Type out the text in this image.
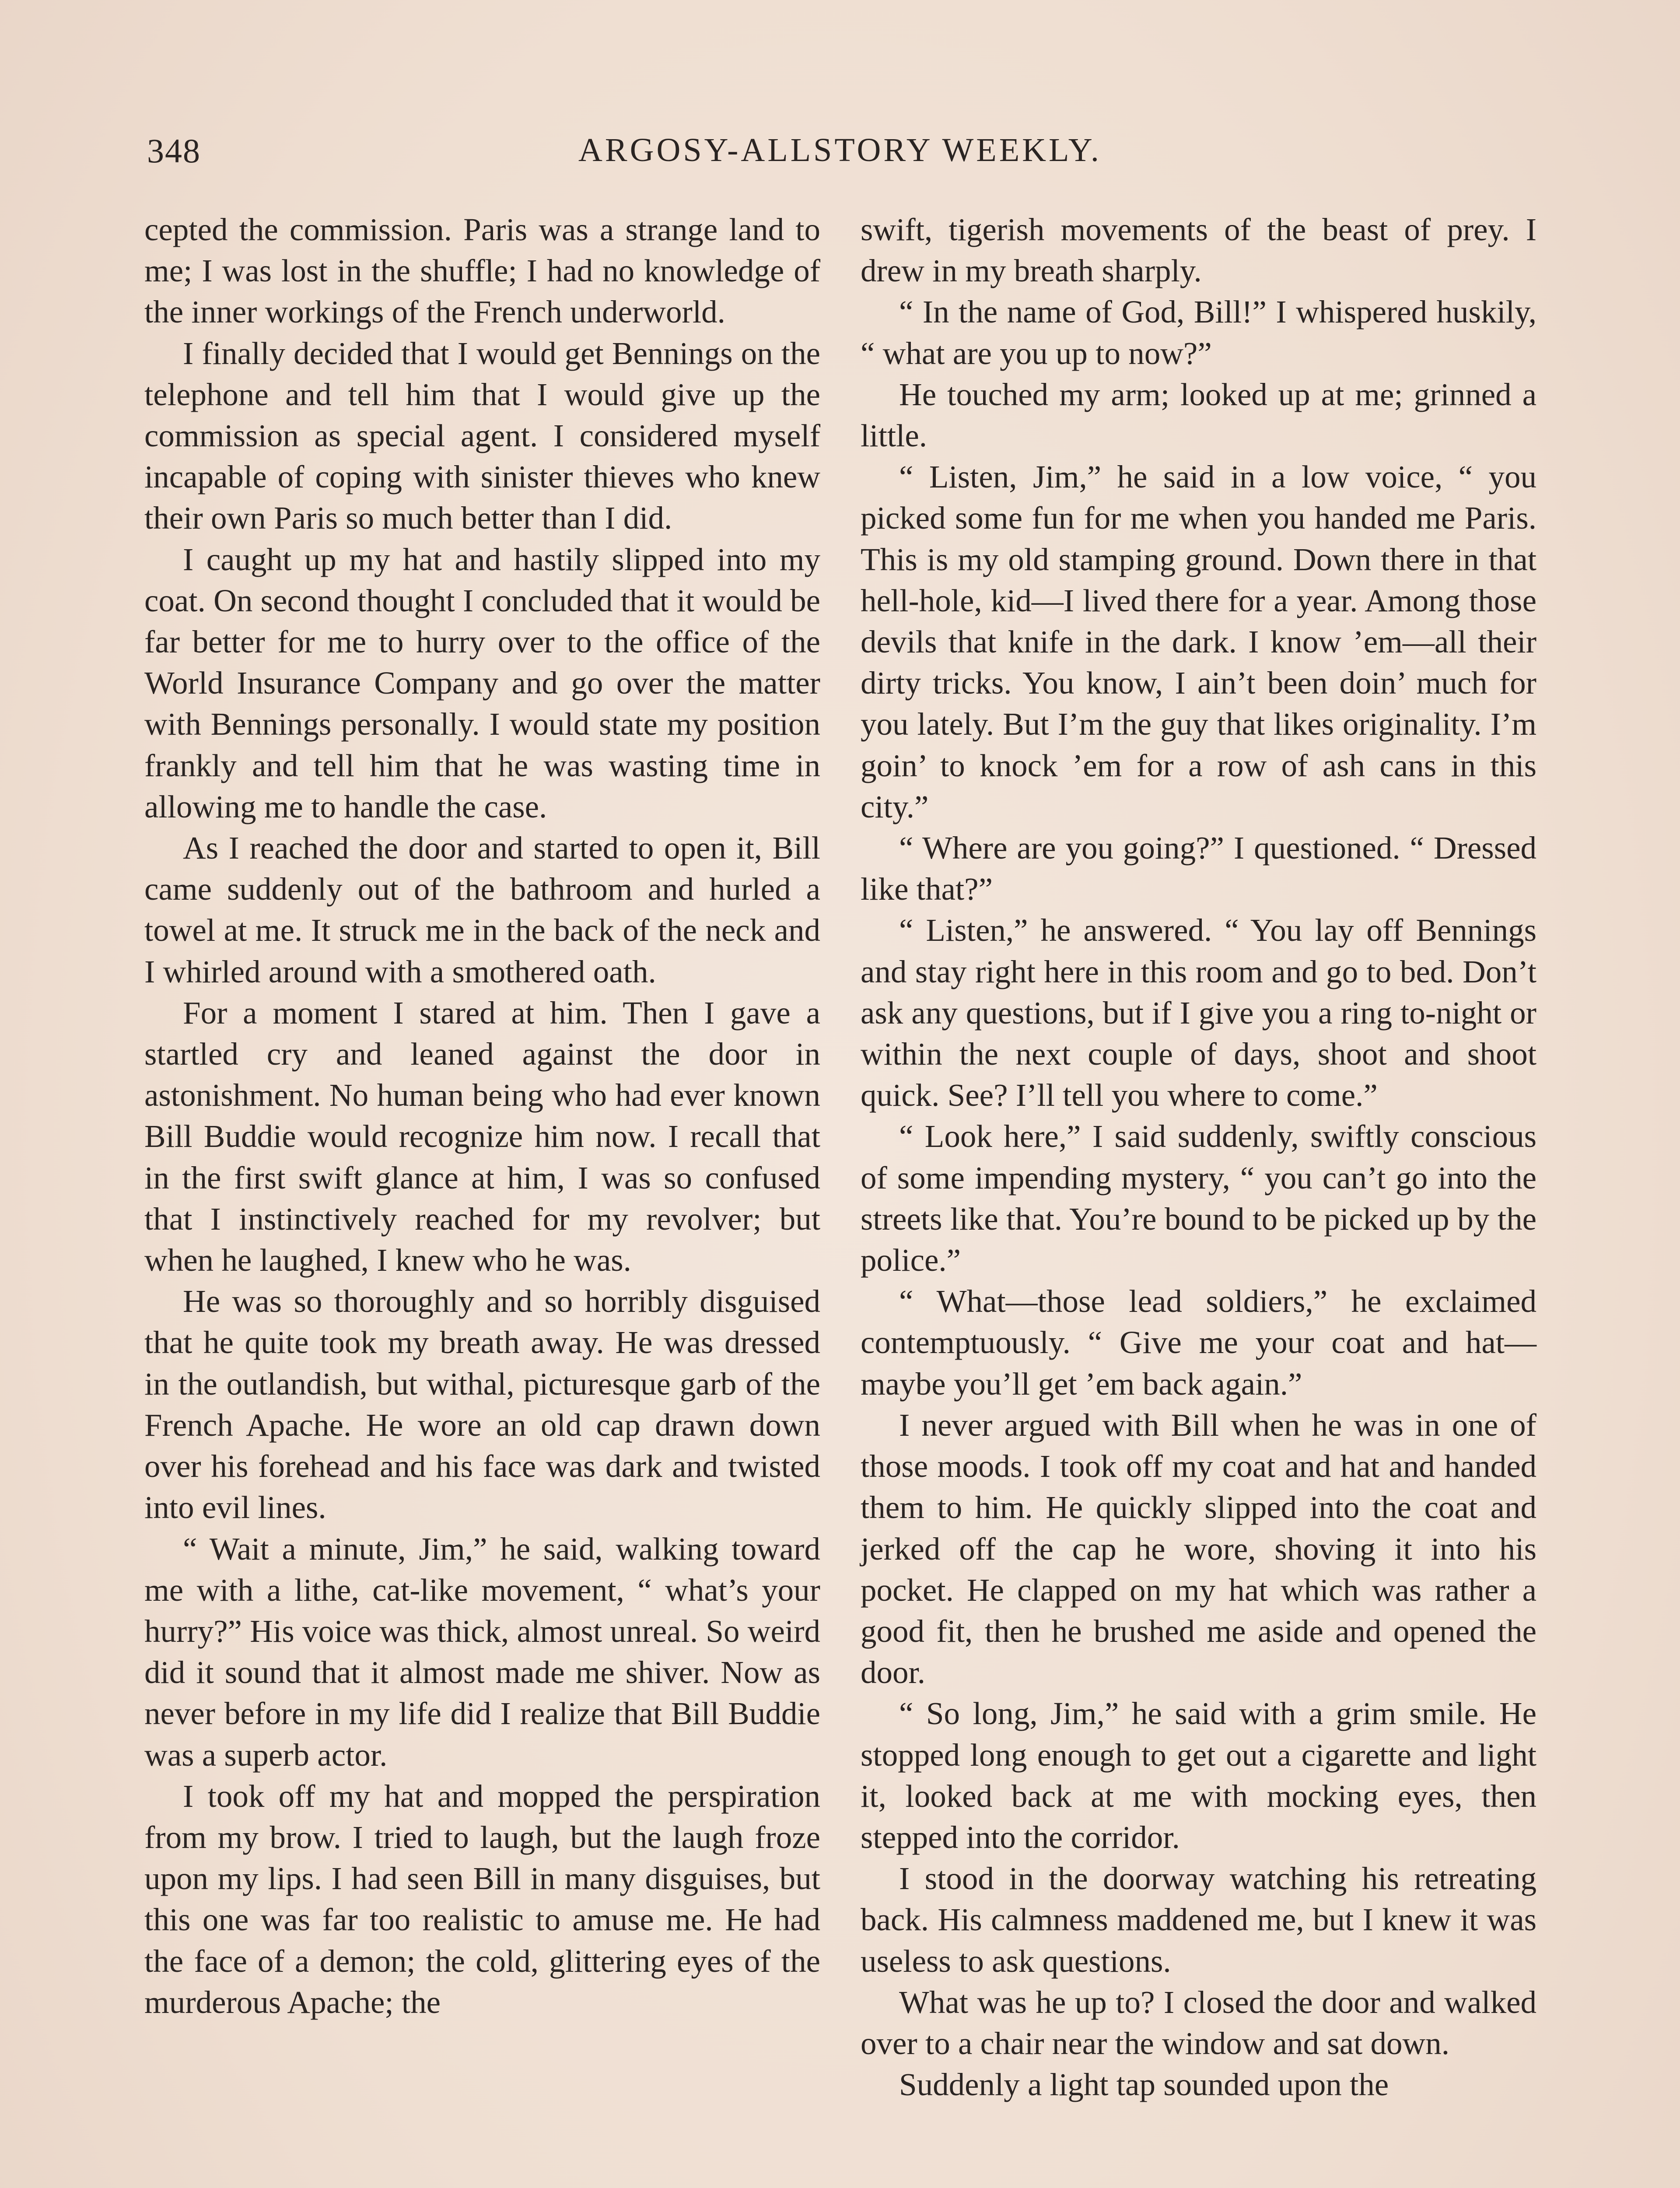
348	ARGOSY-ALLSTORY WEEKLY.

cepted the commission. Paris was a strange land to me; I was lost in the shuffle; I had no knowledge of the inner workings of the French underworld.

I finally decided that I would get Bennings on the telephone and tell him that I would give up the commission as special agent. I considered myself incapable of coping with sinister thieves who knew their own Paris so much better than I did.

I caught up my hat and hastily slipped into my coat. On second thought I concluded that it would be far better for me to hurry over to the office of the World Insurance Company and go over the matter with Bennings personally. I would state my position frankly and tell him that he was wasting time in allowing me to handle the case.

As I reached the door and started to open it, Bill came suddenly out of the bathroom and hurled a towel at me. It struck me in the back of the neck and I whirled around with a smothered oath.

For a moment I stared at him. Then I gave a startled cry and leaned against the door in astonishment. No human being who had ever known Bill Buddie would recognize him now. I recall that in the first swift glance at him, I was so confused that I instinctively reached for my revolver; but when he laughed, I knew who he was.

He was so thoroughly and so horribly disguised that he quite took my breath away. He was dressed in the outlandish, but withal, picturesque garb of the French Apache. He wore an old cap drawn down over his forehead and his face was dark and twisted into evil lines.

“ Wait a minute, Jim,” he said, walking toward me with a lithe, cat-like movement, “ what’s your hurry?” His voice was thick, almost unreal. So weird did it sound that it almost made me shiver. Now as never before in my life did I realize that Bill Buddie was a superb actor.

I took off my hat and mopped the perspiration from my brow. I tried to laugh, but the laugh froze upon my lips. I had seen Bill in many disguises, but this one was far too realistic to amuse me. He had the face of a demon; the cold, glittering eyes of the murderous Apache; the

swift, tigerish movements of the beast of prey. I drew in my breath sharply.

“ In the name of God, Bill!” I whispered huskily, “ what are you up to now?”

He touched my arm; looked up at me; grinned a little.

“ Listen, Jim,” he said in a low voice, “ you picked some fun for me when you handed me Paris. This is my old stamping ground. Down there in that hell-hole, kid—I lived there for a year. Among those devils that knife in the dark. I know ’em—all their dirty tricks. You know, I ain’t been doin’ much for you lately. But I’m the guy that likes originality. I’m goin’ to knock ’em for a row of ash cans in this city.”

“ Where are you going?” I questioned. “ Dressed like that?”

“ Listen,” he answered. “ You lay off Bennings and stay right here in this room and go to bed. Don’t ask any questions, but if I give you a ring to-night or within the next couple of days, shoot and shoot quick. See? I’ll tell you where to come.”

“ Look here,” I said suddenly, swiftly conscious of some impending mystery, “ you can’t go into the streets like that. You’re bound to be picked up by the police.”

“ What—those lead soldiers,” he exclaimed contemptuously. “ Give me your coat and hat—maybe you’ll get ’em back again.”

I never argued with Bill when he was in one of those moods. I took off my coat and hat and handed them to him. He quickly slipped into the coat and jerked off the cap he wore, shoving it into his pocket. He clapped on my hat which was rather a good fit, then he brushed me aside and opened the door.

“ So long, Jim,” he said with a grim smile. He stopped long enough to get out a cigarette and light it, looked back at me with mocking eyes, then stepped into the corridor.

I stood in the doorway watching his retreating back. His calmness maddened me, but I knew it was useless to ask questions.

What was he up to? I closed the door and walked over to a chair near the window and sat down.

Suddenly a light tap sounded upon the
